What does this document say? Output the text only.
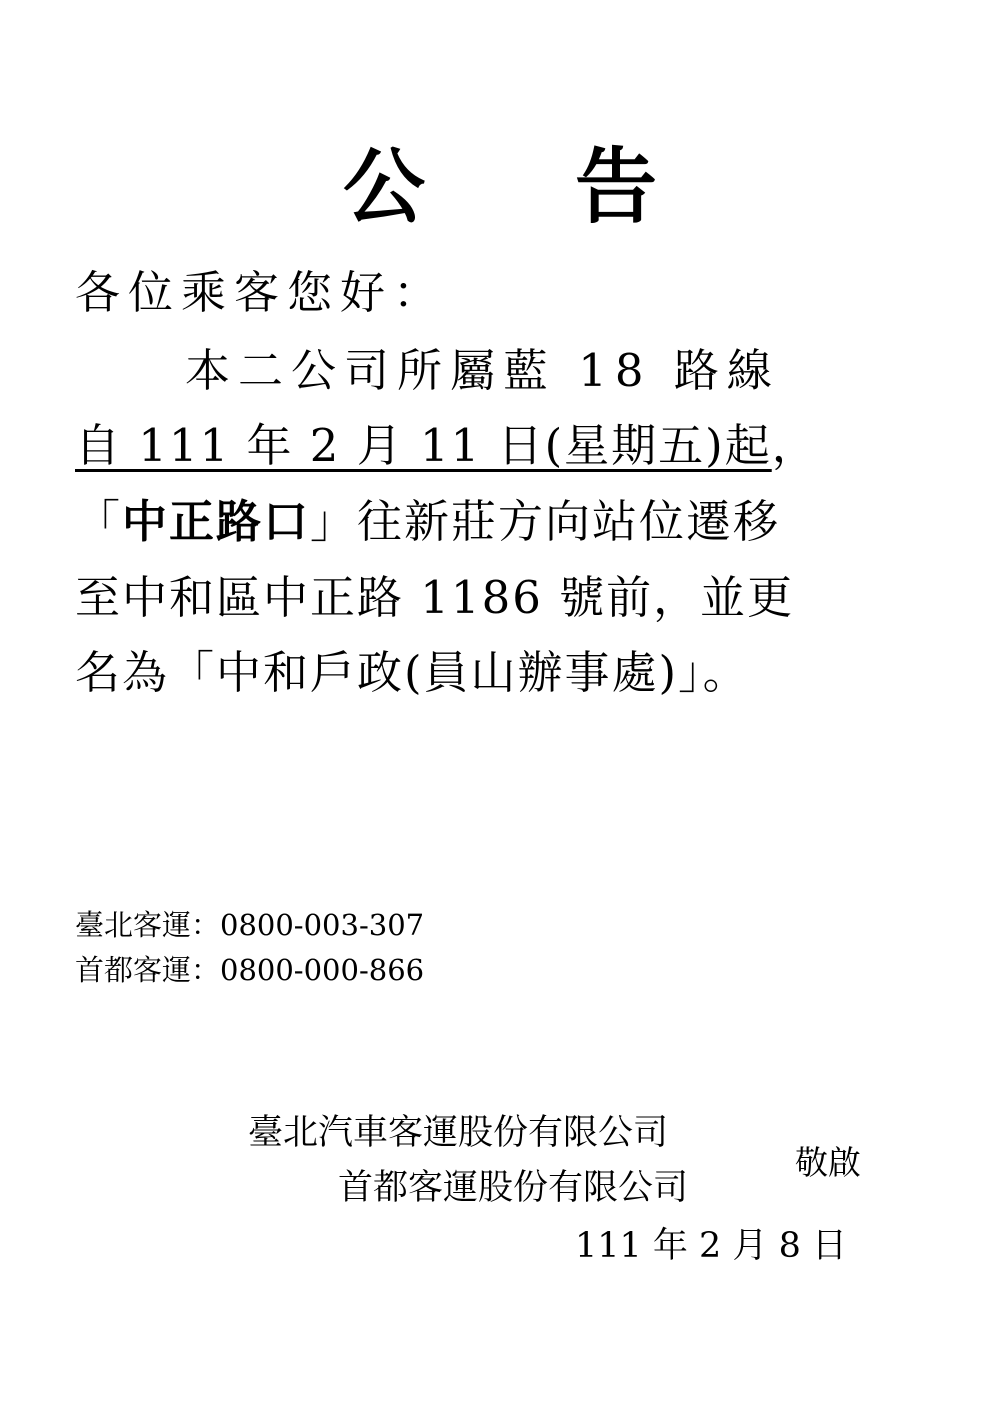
公 告
各位乘客您好：
本二公司所屬藍 18 路線
自 111 年 2 月 11 日(星期五)起，
「中正路口」往新莊方向站位遷移
至中和區中正路 1186 號前，並更
名為「中和戶政(員山辦事處)」。
臺北客運：0800-003-307
首都客運：0800-000-866
臺北汽車客運股份有限公司
首都客運股份有限公司
敬啟
111 年 2 月 8 日
